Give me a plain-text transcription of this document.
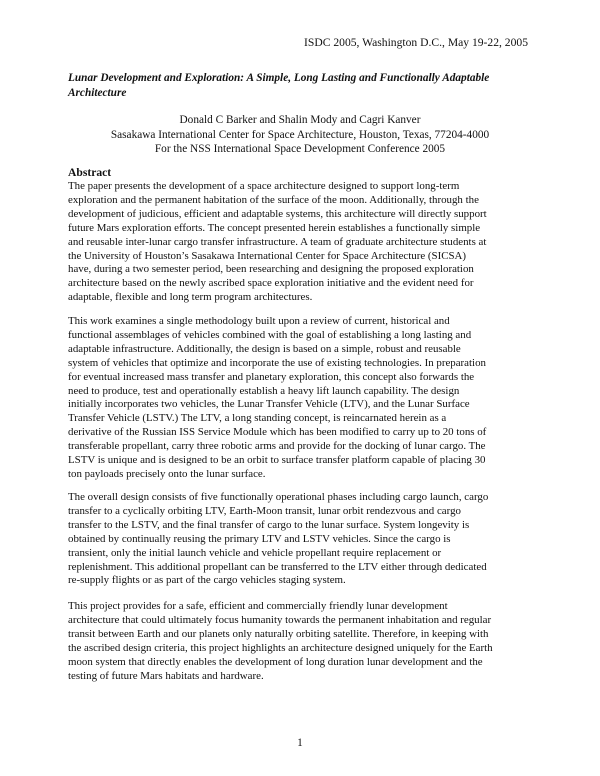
ISDC 2005, Washington D.C., May 19-22, 2005
Lunar Development and Exploration: A Simple, Long Lasting and Functionally Adaptable
Architecture
Donald C Barker and Shalin Mody and Cagri Kanver
Sasakawa International Center for Space Architecture, Houston, Texas, 77204-4000
For the NSS International Space Development Conference 2005
Abstract
The paper presents the development of a space architecture designed to support long-term
exploration and the permanent habitation of the surface of the moon. Additionally, through the
development of judicious, efficient and adaptable systems, this architecture will directly support
future Mars exploration efforts. The concept presented herein establishes a functionally simple
and reusable inter-lunar cargo transfer infrastructure. A team of graduate architecture students at
the University of Houston’s Sasakawa International Center for Space Architecture (SICSA)
have, during a two semester period, been researching and designing the proposed exploration
architecture based on the newly ascribed space exploration initiative and the evident need for
adaptable, flexible and long term program architectures.
This work examines a single methodology built upon a review of current, historical and
functional assemblages of vehicles combined with the goal of establishing a long lasting and
adaptable infrastructure. Additionally, the design is based on a simple, robust and reusable
system of vehicles that optimize and incorporate the use of existing technologies. In preparation
for eventual increased mass transfer and planetary exploration, this concept also forwards the
need to produce, test and operationally establish a heavy lift launch capability. The design
initially incorporates two vehicles, the Lunar Transfer Vehicle (LTV), and the Lunar Surface
Transfer Vehicle (LSTV.) The LTV, a long standing concept, is reincarnated herein as a
derivative of the Russian ISS Service Module which has been modified to carry up to 20 tons of
transferable propellant, carry three robotic arms and provide for the docking of lunar cargo. The
LSTV is unique and is designed to be an orbit to surface transfer platform capable of placing 30
ton payloads precisely onto the lunar surface.
The overall design consists of five functionally operational phases including cargo launch, cargo
transfer to a cyclically orbiting LTV, Earth-Moon transit, lunar orbit rendezvous and cargo
transfer to the LSTV, and the final transfer of cargo to the lunar surface. System longevity is
obtained by continually reusing the primary LTV and LSTV vehicles. Since the cargo is
transient, only the initial launch vehicle and vehicle propellant require replacement or
replenishment. This additional propellant can be transferred to the LTV either through dedicated
re-supply flights or as part of the cargo vehicles staging system.
This project provides for a safe, efficient and commercially friendly lunar development
architecture that could ultimately focus humanity towards the permanent inhabitation and regular
transit between Earth and our planets only naturally orbiting satellite. Therefore, in keeping with
the ascribed design criteria, this project highlights an architecture designed uniquely for the Earth
moon system that directly enables the development of long duration lunar development and the
testing of future Mars habitats and hardware.
1
